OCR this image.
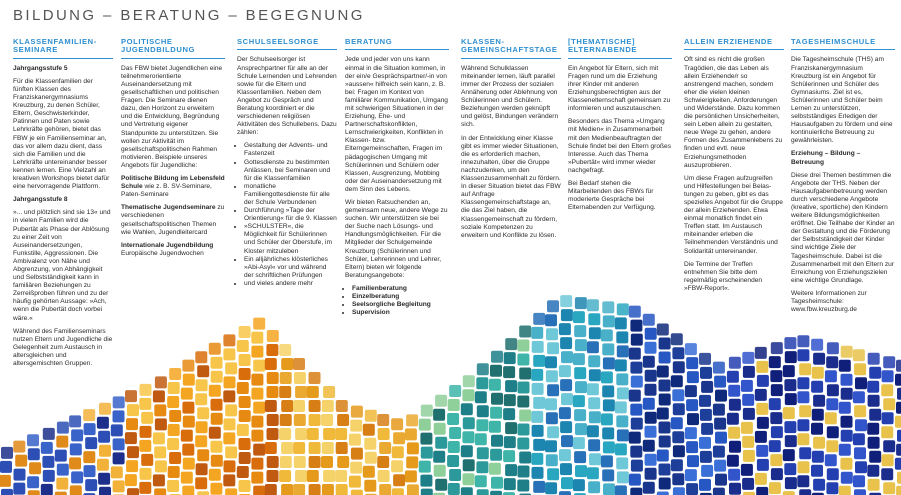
BILDUNG – BERATUNG – BEGEGNUNG
KLASSENFAMILIEN-SEMINARE

Jahrgangsstufe 5

Für die Klassenfamilien der fünften Klassen des Franziskanergymnasiums Kreuzburg, zu denen Schüler, Eltern, Geschwisterkinder, Patinnen und Paten sowie Lehrkräfte gehören, bietet das FBW je ein Familienseminar an, das vor allem dazu dient, dass sich die Familien und die Lehrkräfte untereinander besser kennen lernen. Eine Vielzahl an kreativen Workshops bietet dafür eine hervorragende Plattform.

Jahrgangsstufe 8

»... und plötzlich sind sie 13« und in vielen Familien wird die Pubertät als Phase der Ablösung zu einer Zeit von Auseinandersetzungen, Funkstille, Aggressionen. Die Ambivalenz von Nähe und Abgrenzung, von Abhängigkeit und Selbstständigkeit kann in familiären Beziehungen zu Zerreißproben führen und zu der häufig gehörten Aussage: »Ach, wenn die Pubertät doch vorbei wäre.«

Während des Familienseminars nutzen Eltern und Jugendliche die Gelegenheit zum Austausch in altersgleichen und altersgemischten Gruppen.

POLITISCHE JUGENDBILDUNG

Das FBW bietet Jugendlichen eine teilnehmerorientierte Auseinandersetzung mit gesellschaftlichen und politischen Fragen. Die Seminare dienen dazu, den Horizont zu erweitern und die Entwicklung, Begründung und Vertretung eigener Standpunkte zu unterstützen. Sie wollen zur Aktivität im gesellschaftspolitischen Rahmen motivieren. Beispiele unseres Angebots für Jugendliche:

Politische Bildung im Lebensfeld Schule wie z. B. SV-Seminare, Paten-Seminare

Thematische Jugendseminare zu verschiedenen gesellschaftspolitischen Themen wie Wahlen, Jugendleitercard

Internationale Jugendbildung Europäische Jugendwochen

SCHULSEELSORGE

Der Schulseelsorger ist Ansprechpartner für alle an der Schule Lernenden und Lehrenden sowie für die Eltern und Klassenfamilien. Neben dem Angebot zu Gespräch und Beratung koordiniert er die verschiedenen religiösen Aktivitäten des Schullebens. Dazu zählen:

• Gestaltung der Advents- und Fastenzeit
• Gottesdienste zu bestimmten Anlässen, bei Seminaren und für die Klassenfamilien
• monatliche Familiengottesdienste für alle der Schule Verbundenen
• Durchführung »Tage der Orientierung« für die 9. Klassen
• »SCHULSTER«, die Möglichkeit für Schülerinnen und Schüler der Oberstufe, im Kloster mitzuleben
• Ein alljährliches klösterliches »Abi-Asyl« vor und während der schriftlichen Prüfungen
• und vieles andere mehr
BERATUNG

Jede und jeder von uns kann einmal in die Situation kommen, in der ein/e Gesprächspartner/-in von »aussen« hilfreich sein kann, z. B. bei: Fragen im Kontext von familiärer Kommunikation, Umgang mit schwierigen Situationen in der Erziehung, Ehe- und Partnerschaftskonflikten, Lernschwierigkeiten, Konflikten in Klassen- bzw. Elterngemeinschaften, Fragen im pädagogischen Umgang mit Schülerinnen und Schülern oder Klassen, Ausgrenzung, Mobbing oder der Auseinandersetzung mit dem Sinn des Lebens.

Wir bieten Ratsuchenden an, gemeinsam neue, andere Wege zu suchen. Wir unterstützen sie bei der Suche nach Lösungs- und Handlungsmöglichkeiten. Für die Mitglieder der Schulgemeinde Kreuzburg (Schülerinnen und Schüler, Lehrerinnen und Lehrer, Eltern) bieten wir folgende Beratungsangebote:

• Familienberatung
• Einzelberatung
• Seelsorgliche Begleitung
• Supervision
KLASSEN-GEMEINSCHAFTSTAGE

Während Schulklassen miteinander lernen, läuft parallel immer der Prozess der sozialen Annäherung oder Ablehnung von Schülerinnen und Schülern. Beziehungen werden geknüpft und gelöst, Bindungen verändern sich.

In der Entwicklung einer Klasse gibt es immer wieder Situationen, die es erforderlich machen, innezuhalten, über die Gruppe nachzudenken, um den Klassenzusammenhalt zu fördern. In dieser Situation bietet das FBW auf Anfrage Klassengemeinschaftstage an, die das Ziel haben, die Klassengemeinschaft zu fördern, soziale Kompetenzen zu erweitern und Konflikte zu lösen.

[THEMATISCHE] ELTERNABENDE

Ein Angebot für Eltern, sich mit Fragen rund um die Erziehung ihrer Kinder mit anderen Erziehungsberechtigten aus der Klassenelternschaft gemeinsam zu informieren und auszutauschen.

Besonders das Thema »Umgang mit Medien« in Zusammenarbeit mit den Medienbeauftragten der Schule findet bei den Eltern großes Interesse. Auch das Thema »Pubertät« wird immer wieder nachgefragt.

Bei Bedarf stehen die Mitarbeitenden des FBWs für moderierte Gespräche bei Elternabenden zur Verfügung.

ALLEIN ERZIEHENDE

Oft sind es nicht die großen Tragödien, die das Leben als allein Erziehende/r so anstrengend machen, sondern eher die vielen kleinen Schwierigkeiten, Anforderungen und Widerstände. Dazu kommen die persönlichen Unsicherheiten, sein Leben allein zu gestalten, neue Wege zu gehen, andere Formen des Zusammenlebens zu finden und evtl. neue Erziehungsmethoden auszuprobieren.

Um diese Fragen aufzugreifen und Hilfestellungen bei Belas- tungen zu geben, gibt es das spezielles Angebot für die Gruppe der allein Erziehenden. Etwa einmal monatlich findet ein Treffen statt. Im Austausch miteinander erleben die Teilnehmenden Verständnis und Solidarität untereinander.

Die Termine der Treffen entnehmen Sie bitte dem regelmäßig erscheinenden »FBW-Report«.

TAGESHEIMSCHULE

Die Tagesheimschule (THS) am Franziskanergymnasium Kreuzburg ist ein Angebot für Schülerinnen und Schüler des Gymnasiums. Ziel ist es, Schülerinnen und Schüler beim Lernen zu unterstützen, selbstständiges Erledigen der Hausaufgaben zu fördern und eine kontinuierliche Betreuung zu gewährleisten.

Erziehung – Bildung – Betreuung

Diese drei Themen bestimmen die Angebote der THS. Neben der Hausaufgabenbetreuung werden durch verschiedene Angebote (kreative, sportliche) den Kindern weitere Bildungsmöglichkeiten eröffnet. Die Teilhabe der Kinder an der Gestaltung und die Förderung der Selbstständigkeit der Kinder sind wichtige Ziele der Tagesheimschule. Dabei ist die Zusammenarbeit mit den Eltern zur Erreichung von Erziehungszielen eine wichtige Grundlage.

Weitere Informationen zur Tagesheimschule: www.fbw.kreuzburg.de
